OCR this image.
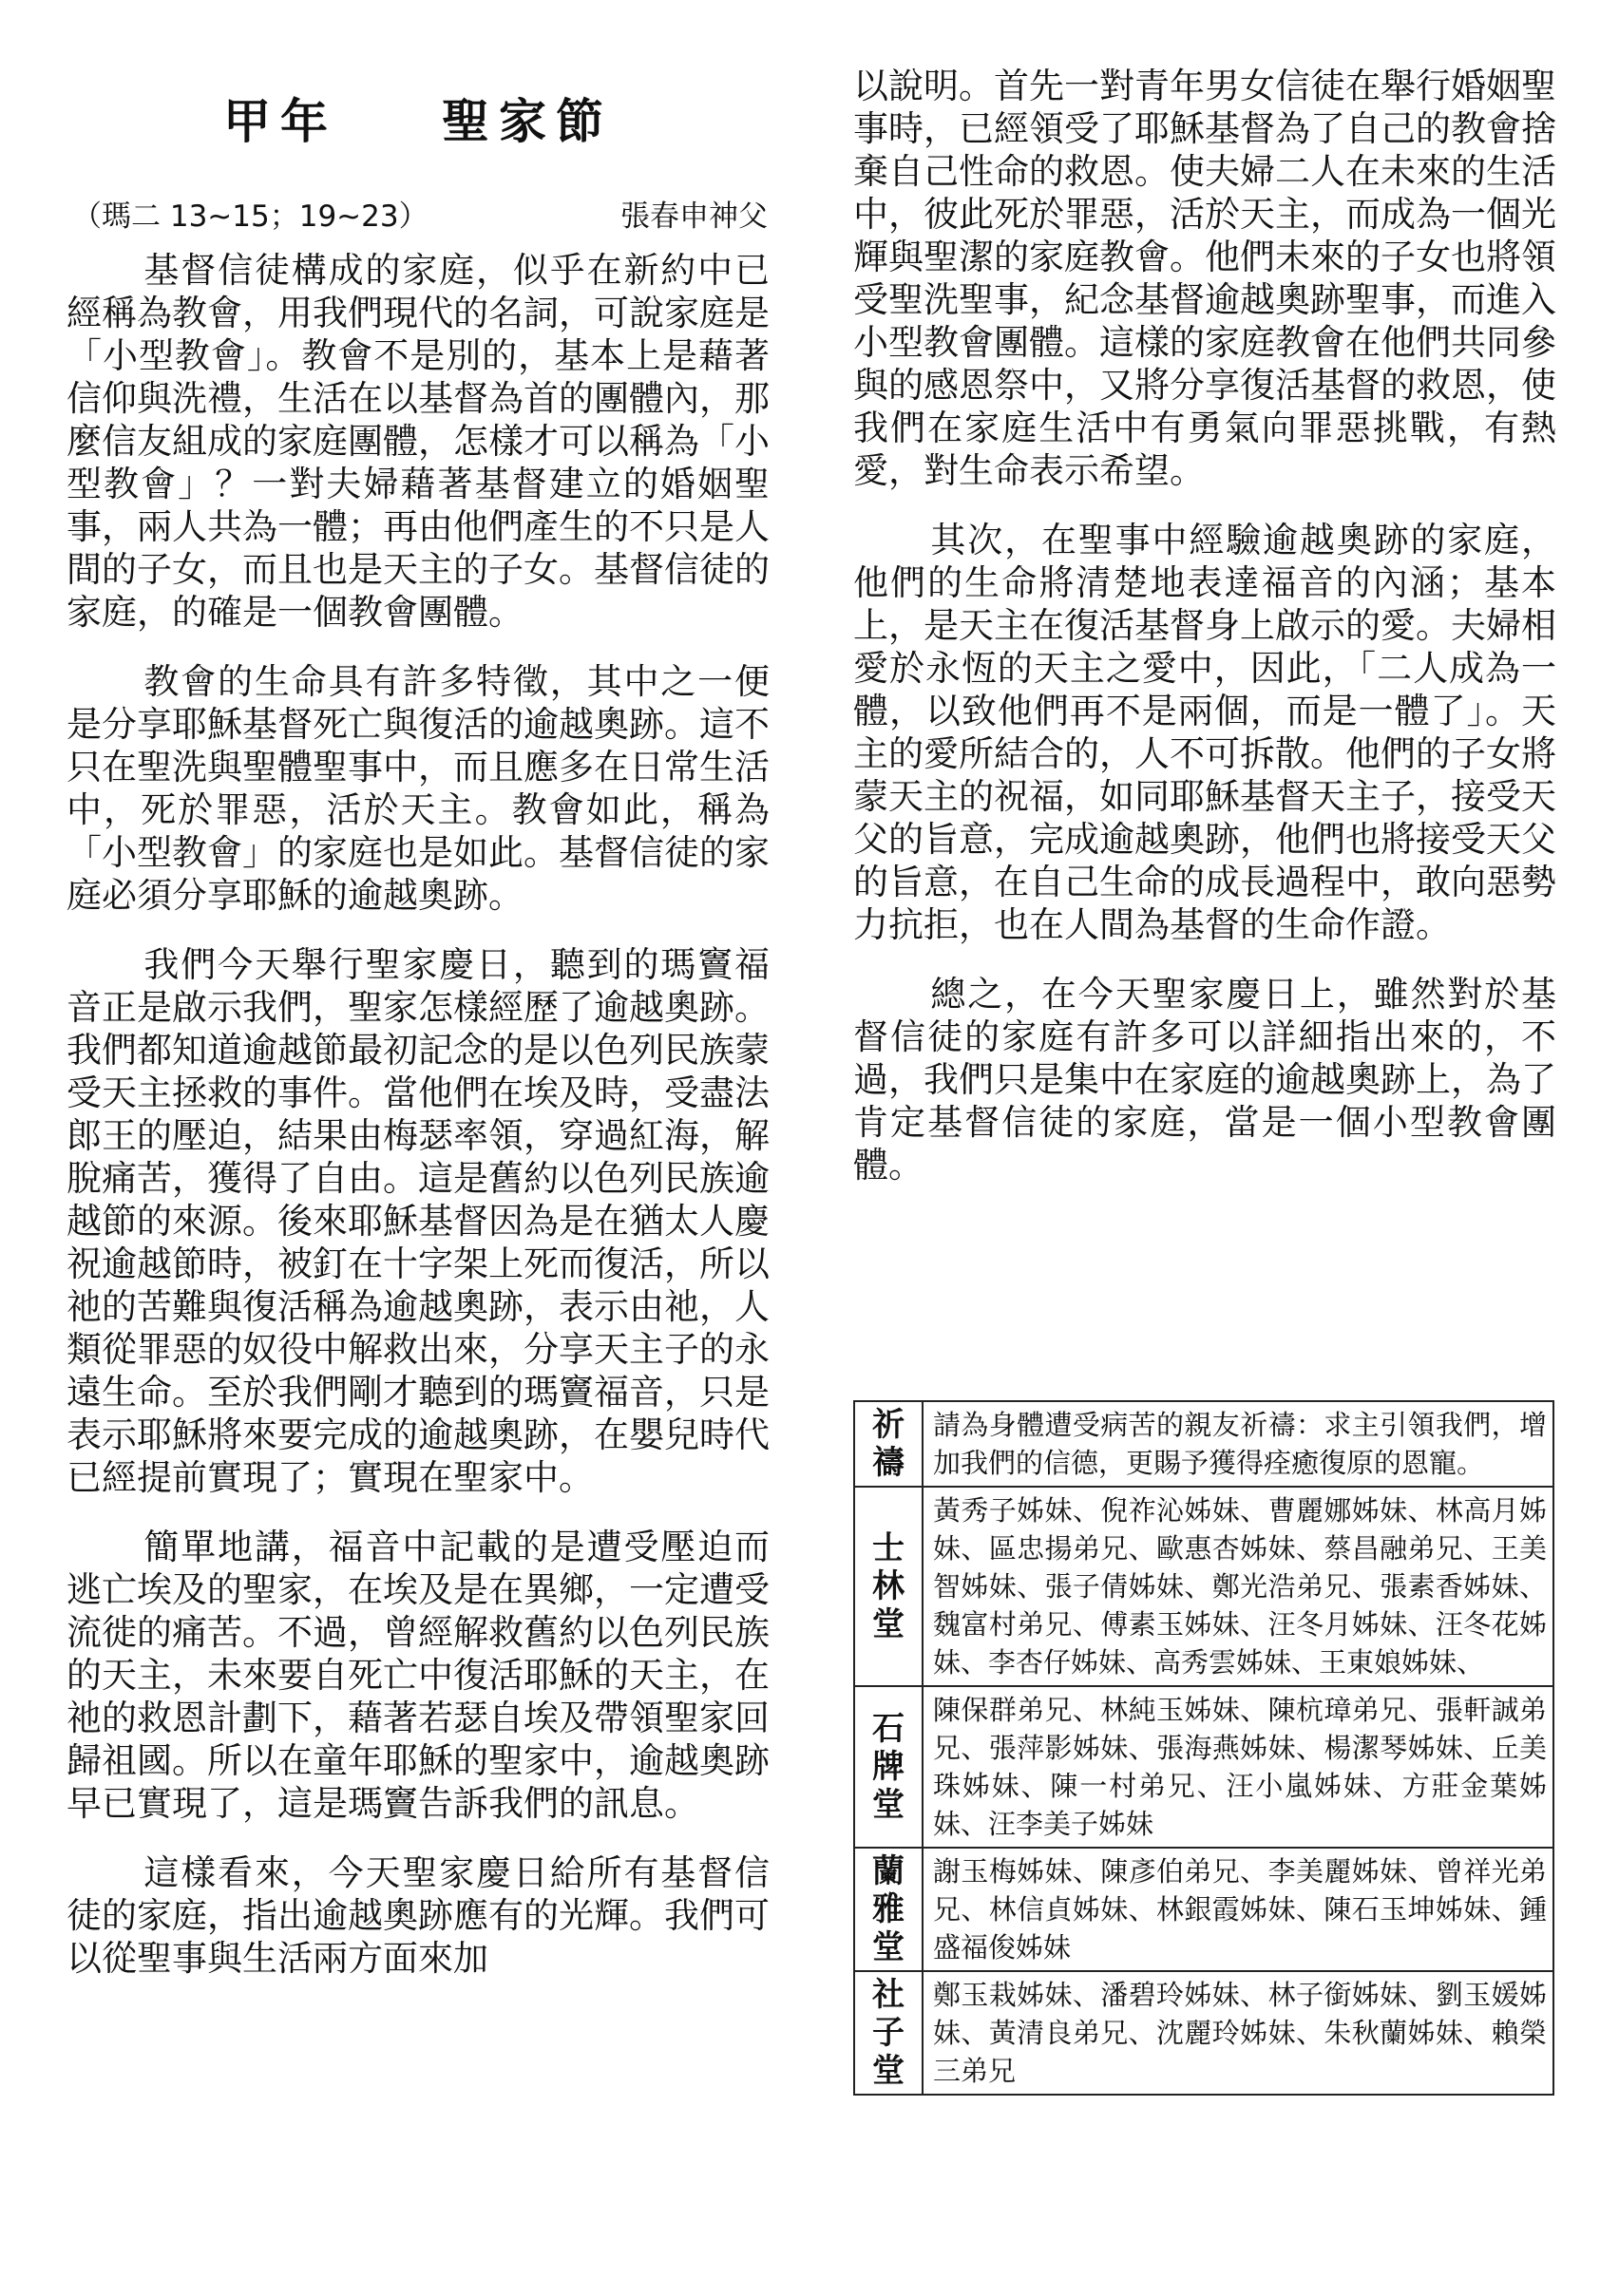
甲年 聖家節
（瑪二 13~15；19~23）	張春申神父

基督信徒構成的家庭，似乎在新約中已經稱為教會，用我們現代的名詞，可說家庭是「小型教會」。教會不是別的，基本上是藉著信仰與洗禮，生活在以基督為首的團體內，那麼信友組成的家庭團體，怎樣才可以稱為「小型教會」？一對夫婦藉著基督建立的婚姻聖事，兩人共為一體；再由他們產生的不只是人間的子女，而且也是天主的子女。基督信徒的家庭，的確是一個教會團體。

教會的生命具有許多特徵，其中之一便是分享耶穌基督死亡與復活的逾越奧跡。這不只在聖洗與聖體聖事中，而且應多在日常生活中，死於罪惡，活於天主。教會如此，稱為「小型教會」的家庭也是如此。基督信徒的家庭必須分享耶穌的逾越奧跡。

我們今天舉行聖家慶日，聽到的瑪竇福音正是啟示我們，聖家怎樣經歷了逾越奧跡。我們都知道逾越節最初記念的是以色列民族蒙受天主拯救的事件。當他們在埃及時，受盡法郎王的壓迫，結果由梅瑟率領，穿過紅海，解脫痛苦，獲得了自由。這是舊約以色列民族逾越節的來源。後來耶穌基督因為是在猶太人慶祝逾越節時，被釘在十字架上死而復活，所以祂的苦難與復活稱為逾越奧跡，表示由祂，人類從罪惡的奴役中解救出來，分享天主子的永遠生命。至於我們剛才聽到的瑪竇福音，只是表示耶穌將來要完成的逾越奧跡，在嬰兒時代已經提前實現了；實現在聖家中。

簡單地講，福音中記載的是遭受壓迫而逃亡埃及的聖家，在埃及是在異鄉，一定遭受流徙的痛苦。不過，曾經解救舊約以色列民族的天主，未來要自死亡中復活耶穌的天主，在祂的救恩計劃下，藉著若瑟自埃及帶領聖家回歸祖國。所以在童年耶穌的聖家中，逾越奧跡早已實現了，這是瑪竇告訴我們的訊息。

這樣看來，今天聖家慶日給所有基督信徒的家庭，指出逾越奧跡應有的光輝。我們可以從聖事與生活兩方面來加

以說明。首先一對青年男女信徒在舉行婚姻聖事時，已經領受了耶穌基督為了自己的教會捨棄自己性命的救恩。使夫婦二人在未來的生活中，彼此死於罪惡，活於天主，而成為一個光輝與聖潔的家庭教會。他們未來的子女也將領受聖洗聖事，紀念基督逾越奧跡聖事，而進入小型教會團體。這樣的家庭教會在他們共同參與的感恩祭中，又將分享復活基督的救恩，使我們在家庭生活中有勇氣向罪惡挑戰，有熱愛，對生命表示希望。

其次，在聖事中經驗逾越奧跡的家庭，他們的生命將清楚地表達福音的內涵；基本上，是天主在復活基督身上啟示的愛。夫婦相愛於永恆的天主之愛中，因此，「二人成為一體，以致他們再不是兩個，而是一體了」。天主的愛所結合的，人不可拆散。他們的子女將蒙天主的祝福，如同耶穌基督天主子，接受天父的旨意，完成逾越奧跡，他們也將接受天父的旨意，在自己生命的成長過程中，敢向惡勢力抗拒，也在人間為基督的生命作證。

總之，在今天聖家慶日上，雖然對於基督信徒的家庭有許多可以詳細指出來的，不過，我們只是集中在家庭的逾越奧跡上，為了肯定基督信徒的家庭，當是一個小型教會團體。

祈禱	請為身體遭受病苦的親友祈禱：求主引領我們，增加我們的信德，更賜予獲得痊癒復原的恩寵。

士林堂	黃秀子姊妹、倪祚沁姊妹、曹麗娜姊妹、林高月姊妹、區忠揚弟兄、歐惠杏姊妹、蔡昌融弟兄、王美智姊妹、張子倩姊妹、鄭光浩弟兄、張素香姊妹、魏富村弟兄、傅素玉姊妹、汪冬月姊妹、汪冬花姊妹、李杏仔姊妹、高秀雲姊妹、王東娘姊妹、

石牌堂	陳保群弟兄、林純玉姊妹、陳杭璋弟兄、張軒誠弟兄、張萍影姊妹、張海燕姊妹、楊潔琴姊妹、丘美珠姊妹、陳一村弟兄、汪小嵐姊妹、方莊金葉姊妹、汪李美子姊妹

蘭雅堂	謝玉梅姊妹、陳彥伯弟兄、李美麗姊妹、曾祥光弟兄、林信貞姊妹、林銀霞姊妹、陳石玉坤姊妹、鍾盛福俊姊妹

社子堂	鄭玉栽姊妹、潘碧玲姊妹、林子銜姊妹、劉玉媛姊妹、黃清良弟兄、沈麗玲姊妹、朱秋蘭姊妹、賴榮三弟兄
